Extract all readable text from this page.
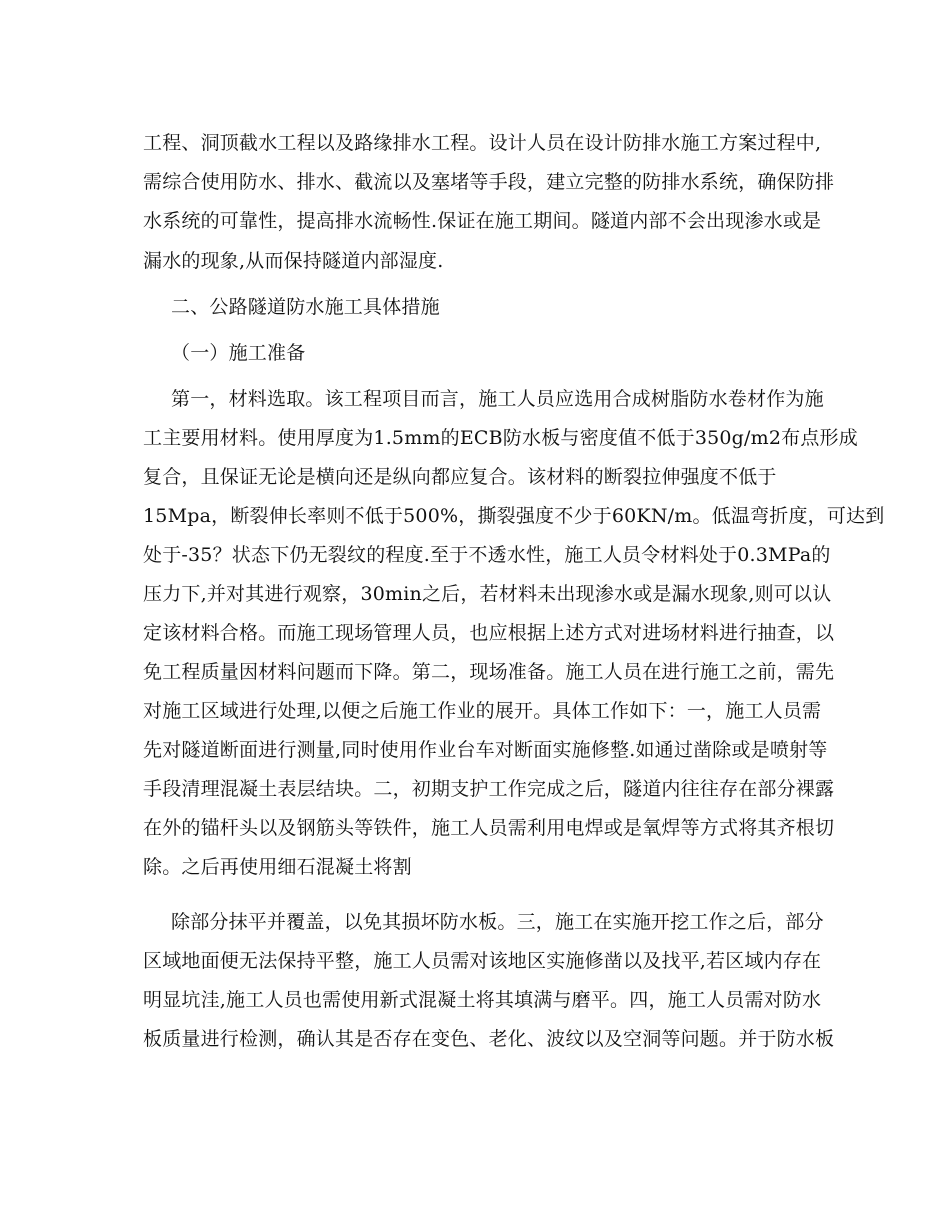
工程、洞顶截水工程以及路缘排水工程。设计人员在设计防排水施工方案过程中,
需综合使用防水、排水、截流以及塞堵等手段，建立完整的防排水系统，确保防排
水系统的可靠性，提高排水流畅性.保证在施工期间。隧道内部不会出现渗水或是
漏水的现象,从而保持隧道内部湿度.
二、公路隧道防水施工具体措施
（一）施工准备
第一，材料选取。该工程项目而言，施工人员应选用合成树脂防水卷材作为施
工主要用材料。使用厚度为1.5mm的ECB防水板与密度值不低于350g/m2布点形成
复合，且保证无论是横向还是纵向都应复合。该材料的断裂拉伸强度不低于
15Mpa，断裂伸长率则不低于500%，撕裂强度不少于60KN/m。低温弯折度，可达到
处于-35？状态下仍无裂纹的程度.至于不透水性，施工人员令材料处于0.3MPa的
压力下,并对其进行观察，30min之后，若材料未出现渗水或是漏水现象,则可以认
定该材料合格。而施工现场管理人员，也应根据上述方式对进场材料进行抽查，以
免工程质量因材料问题而下降。第二，现场准备。施工人员在进行施工之前，需先
对施工区域进行处理,以便之后施工作业的展开。具体工作如下：一，施工人员需
先对隧道断面进行测量,同时使用作业台车对断面实施修整.如通过凿除或是喷射等
手段清理混凝土表层结块。二，初期支护工作完成之后，隧道内往往存在部分裸露
在外的锚杆头以及钢筋头等铁件，施工人员需利用电焊或是氧焊等方式将其齐根切
除。之后再使用细石混凝土将割
除部分抹平并覆盖，以免其损坏防水板。三，施工在实施开挖工作之后，部分
区域地面便无法保持平整，施工人员需对该地区实施修凿以及找平,若区域内存在
明显坑洼,施工人员也需使用新式混凝土将其填满与磨平。四，施工人员需对防水
板质量进行检测，确认其是否存在变色、老化、波纹以及空洞等问题。并于防水板
